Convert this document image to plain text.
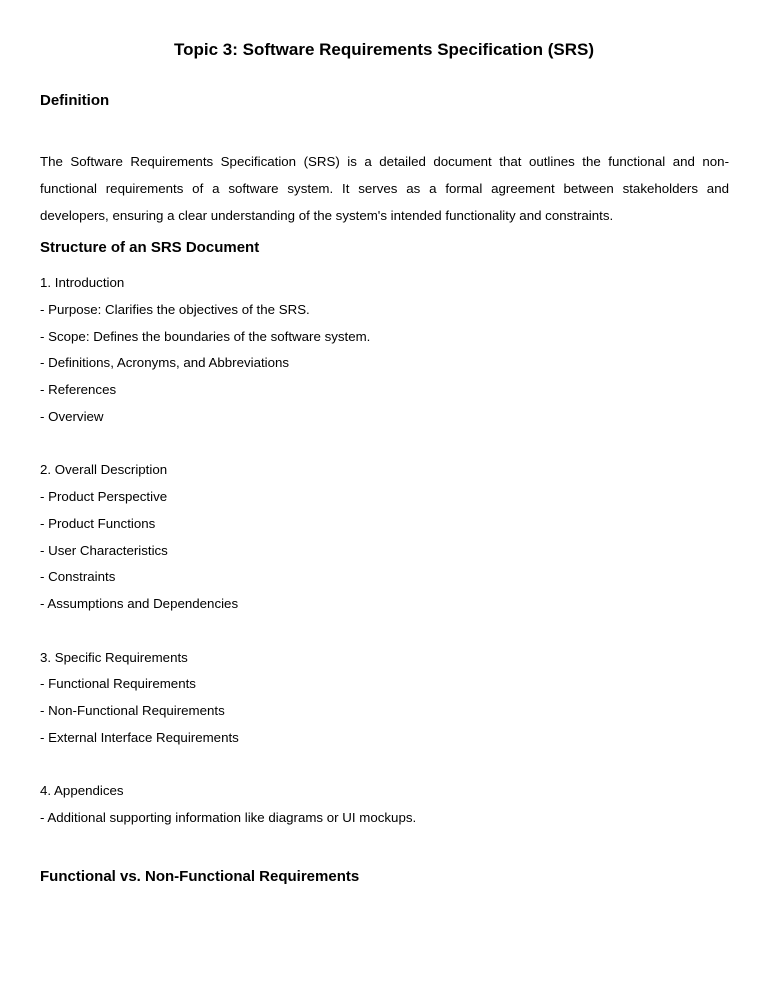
Topic 3: Software Requirements Specification (SRS)
Definition
The Software Requirements Specification (SRS) is a detailed document that outlines the functional and non-functional requirements of a software system. It serves as a formal agreement between stakeholders and developers, ensuring a clear understanding of the system's intended functionality and constraints.
Structure of an SRS Document
1. Introduction
- Purpose: Clarifies the objectives of the SRS.
- Scope: Defines the boundaries of the software system.
- Definitions, Acronyms, and Abbreviations
- References
- Overview
2. Overall Description
- Product Perspective
- Product Functions
- User Characteristics
- Constraints
- Assumptions and Dependencies
3. Specific Requirements
- Functional Requirements
- Non-Functional Requirements
- External Interface Requirements
4. Appendices
- Additional supporting information like diagrams or UI mockups.
Functional vs. Non-Functional Requirements
